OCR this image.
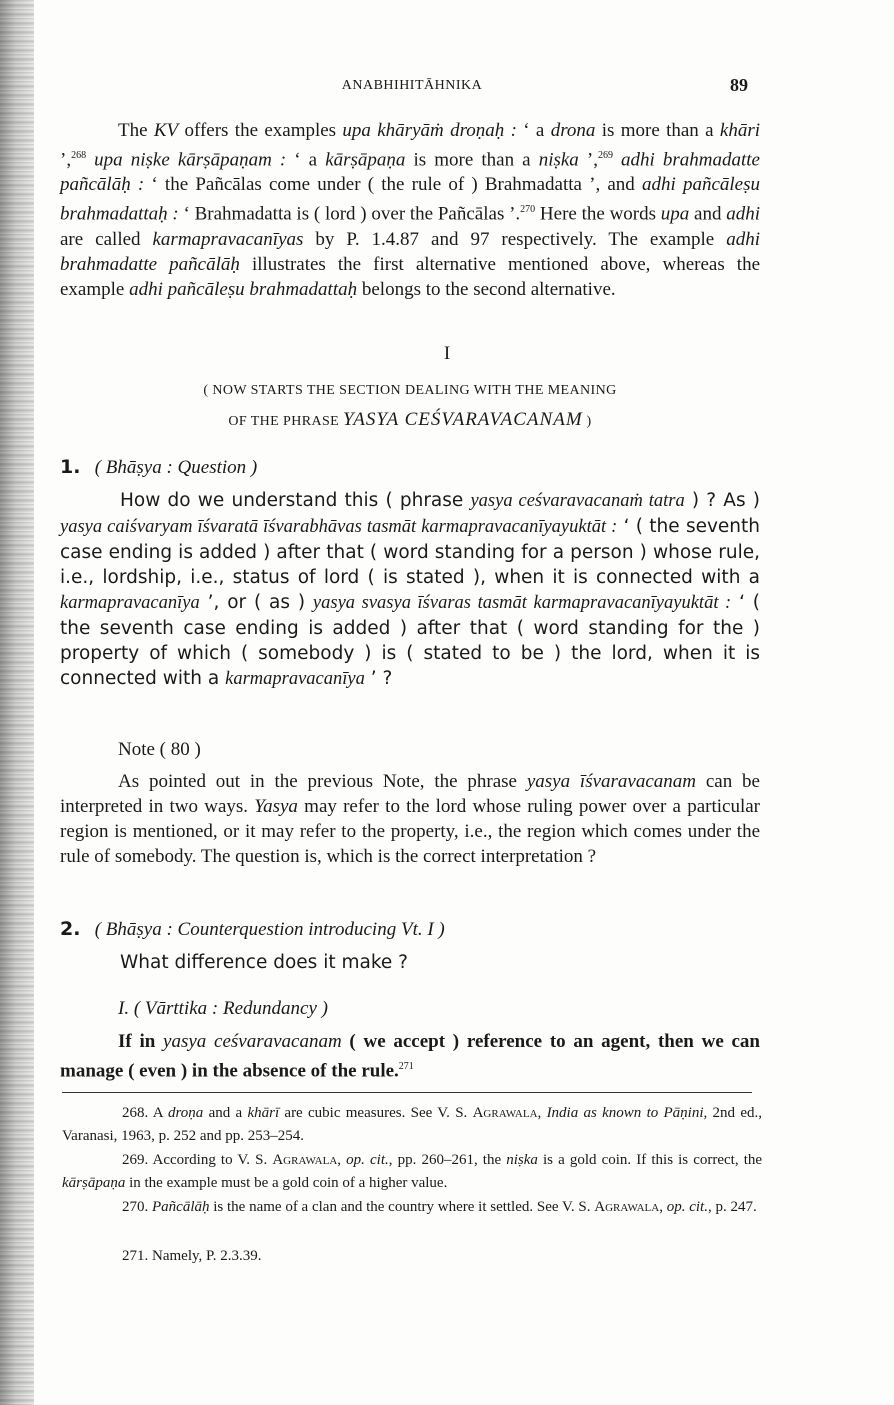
ANABHIHITĀHNIKA	89

The KV offers the examples upa khāryāṁ droṇaḥ : ‘ a drona is more than a khāri ’,$^{268}$ upa niṣke kārṣāpaṇam : ‘ a kārṣāpaṇa is more than a niṣka ’,$^{269}$ adhi brahmadatte pañcālāḥ : ‘ the Pañcālas come under ( the rule of ) Brahmadatta ’, and adhi pañcāleṣu brahmadattaḥ : ‘ Brahmadatta is ( lord ) over the Pañcālas ’.$^{270}$ Here the words upa and adhi are called karmapravacanīyas by P. 1.4.87 and 97 respectively. The example adhi brahmadatte pañcālāḥ illustrates the first alternative mentioned above, whereas the example adhi pañcāleṣu brahmadattaḥ belongs to the second alternative.

I
( NOW STARTS THE SECTION DEALING WITH THE MEANING
OF THE PHRASE YASYA CEŚVARAVACANAM )
1. ( Bhāṣya : Question )

How do we understand this ( phrase yasya ceśvaravacanaṁ tatra ) ? As ) yasya caiśvaryam īśvaratā īśvarabhāvas tasmāt karmapravacanīyayuktāt : ‘ ( the seventh case ending is added ) after that ( word standing for a person ) whose rule, i.e., lordship, i.e., status of lord ( is stated ), when it is connected with a karmapravacanīya ’, or ( as ) yasya svasya īśvaras tasmāt karmapravacanīyayuktāt : ‘ ( the seventh case ending is added ) after that ( word standing for the ) property of which ( somebody ) is ( stated to be ) the lord, when it is connected with a karmapravacanīya ’ ?

Note ( 80 )

As pointed out in the previous Note, the phrase yasya īśvaravacanam can be interpreted in two ways. Yasya may refer to the lord whose ruling power over a particular region is mentioned, or it may refer to the property, i.e., the region which comes under the rule of somebody. The question is, which is the correct interpretation ?

2. ( Bhāṣya : Counterquestion introducing Vt. I )
What difference does it make ?
I. ( Vārttika : Redundancy )

If in yasya ceśvaravacanam ( we accept ) reference to an agent, then we can manage ( even ) in the absence of the rule.$^{271}$

268. A droṇa and a khārī are cubic measures. See V. S. Agrawala, India as known to Pāṇini, 2nd ed., Varanasi, 1963, p. 252 and pp. 253–254.

269. According to V. S. Agrawala, op. cit., pp. 260–261, the niṣka is a gold coin. If this is correct, the kārṣāpaṇa in the example must be a gold coin of a higher value.

270. Pañcālāḥ is the name of a clan and the country where it settled. See V. S. Agrawala, op. cit., p. 247.

271. Namely, P. 2.3.39.
